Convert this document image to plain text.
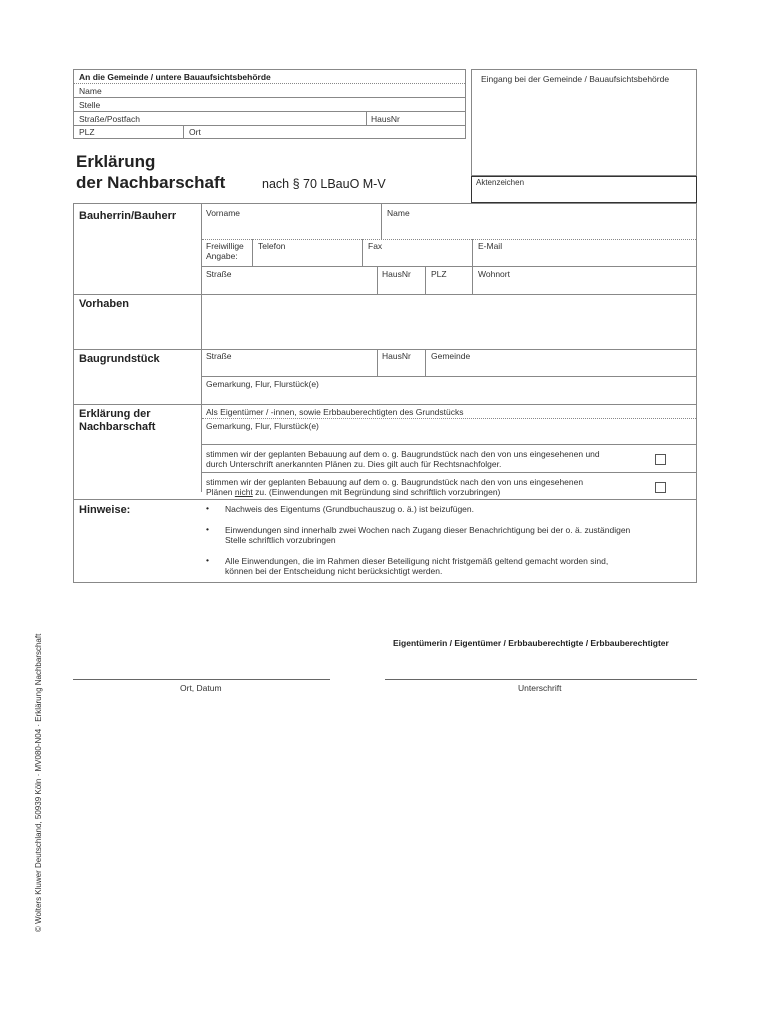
An die Gemeinde / untere Bauaufsichtsbehörde
Name
Stelle
Straße/Postfach	HausNr
PLZ	Ort
Eingang bei der Gemeinde / Bauaufsichtsbehörde
Aktenzeichen
Erklärung
der Nachbarschaft	nach § 70 LBauO M-V
Bauherrin/Bauherr	Vorname	Name
Freiwillige Angabe:
Telefon	Fax	E-Mail
Straße	HausNr	PLZ	Wohnort
Vorhaben
Baugrundstück	Straße	HausNr	Gemeinde
Gemarkung, Flur, Flurstück(e)
Erklärung der
Nachbarschaft
Als Eigentümer / -innen, sowie Erbbauberechtigten des Grundstücks
Gemarkung, Flur, Flurstück(e)
stimmen wir der geplanten Bebauung auf dem o. g. Baugrundstück nach den von uns eingesehenen und
durch Unterschrift anerkannten Plänen zu. Dies gilt auch für Rechtsnachfolger.
stimmen wir der geplanten Bebauung auf dem o. g. Baugrundstück nach den von uns eingesehenen
Plänen nicht zu. (Einwendungen mit Begründung sind schriftlich vorzubringen)
Hinweise:	• Nachweis des Eigentums (Grundbuchauszug o. ä.) ist beizufügen.
• Einwendungen sind innerhalb zwei Wochen nach Zugang dieser Benachrichtigung bei der o. ä. zuständigen
Stelle schriftlich vorzubringen
• Alle Einwendungen, die im Rahmen dieser Beteiligung nicht fristgemäß geltend gemacht worden sind,
können bei der Entscheidung nicht berücksichtigt werden.
Eigentümerin / Eigentümer / Erbbauberechtigte / Erbbauberechtigter
Ort, Datum	Unterschrift
© Wolters Kluwer Deutschland, 50939 Köln · MV080-N04 · Erklärung Nachbarschaft
